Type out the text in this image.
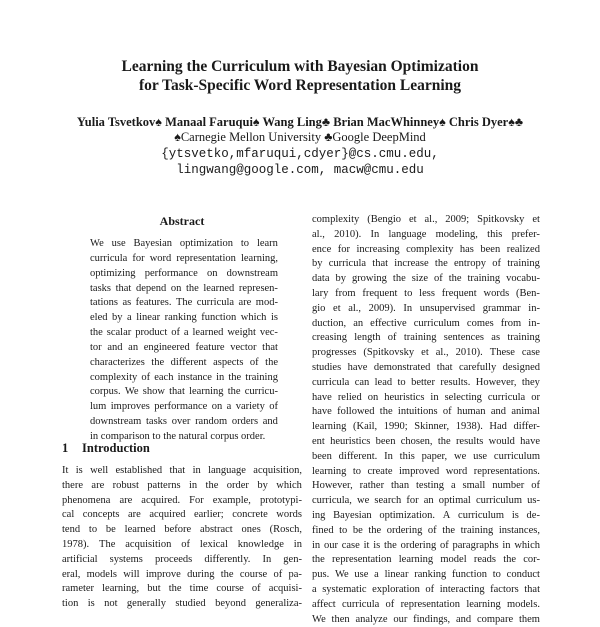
Learning the Curriculum with Bayesian Optimization
for Task-Specific Word Representation Learning
Yulia Tsvetkov♠ Manaal Faruqui♠ Wang Ling♣ Brian MacWhinney♠ Chris Dyer♠♣
♠Carnegie Mellon University ♣Google DeepMind
{ytsvetko,mfaruqui,cdyer}@cs.cmu.edu,
lingwang@google.com, macw@cmu.edu
Abstract
We use Bayesian optimization to learn
curricula for word representation learning,
optimizing performance on downstream
tasks that depend on the learned represen-
tations as features. The curricula are mod-
eled by a linear ranking function which is
the scalar product of a learned weight vec-
tor and an engineered feature vector that
characterizes the different aspects of the
complexity of each instance in the training
corpus. We show that learning the curricu-
lum improves performance on a variety of
downstream tasks over random orders and
in comparison to the natural corpus order.
1 Introduction
It is well established that in language acquisition,
there are robust patterns in the order by which
phenomena are acquired. For example, prototypi-
cal concepts are acquired earlier; concrete words
tend to be learned before abstract ones (Rosch,
1978). The acquisition of lexical knowledge in
artificial systems proceeds differently. In gen-
eral, models will improve during the course of pa-
rameter learning, but the time course of acquisi-
tion is not generally studied beyond generaliza-
complexity (Bengio et al., 2009; Spitkovsky et
al., 2010). In language modeling, this prefer-
ence for increasing complexity has been realized
by curricula that increase the entropy of training
data by growing the size of the training vocabu-
lary from frequent to less frequent words (Ben-
gio et al., 2009). In unsupervised grammar in-
duction, an effective curriculum comes from in-
creasing length of training sentences as training
progresses (Spitkovsky et al., 2010). These case
studies have demonstrated that carefully designed
curricula can lead to better results. However, they
have relied on heuristics in selecting curricula or
have followed the intuitions of human and animal
learning (Kail, 1990; Skinner, 1938). Had differ-
ent heuristics been chosen, the results would have
been different. In this paper, we use curriculum
learning to create improved word representations.
However, rather than testing a small number of
curricula, we search for an optimal curriculum us-
ing Bayesian optimization. A curriculum is de-
fined to be the ordering of the training instances,
in our case it is the ordering of paragraphs in which
the representation learning model reads the cor-
pus. We use a linear ranking function to conduct
a systematic exploration of interacting factors that
affect curricula of representation learning models.
We then analyze our findings, and compare them
